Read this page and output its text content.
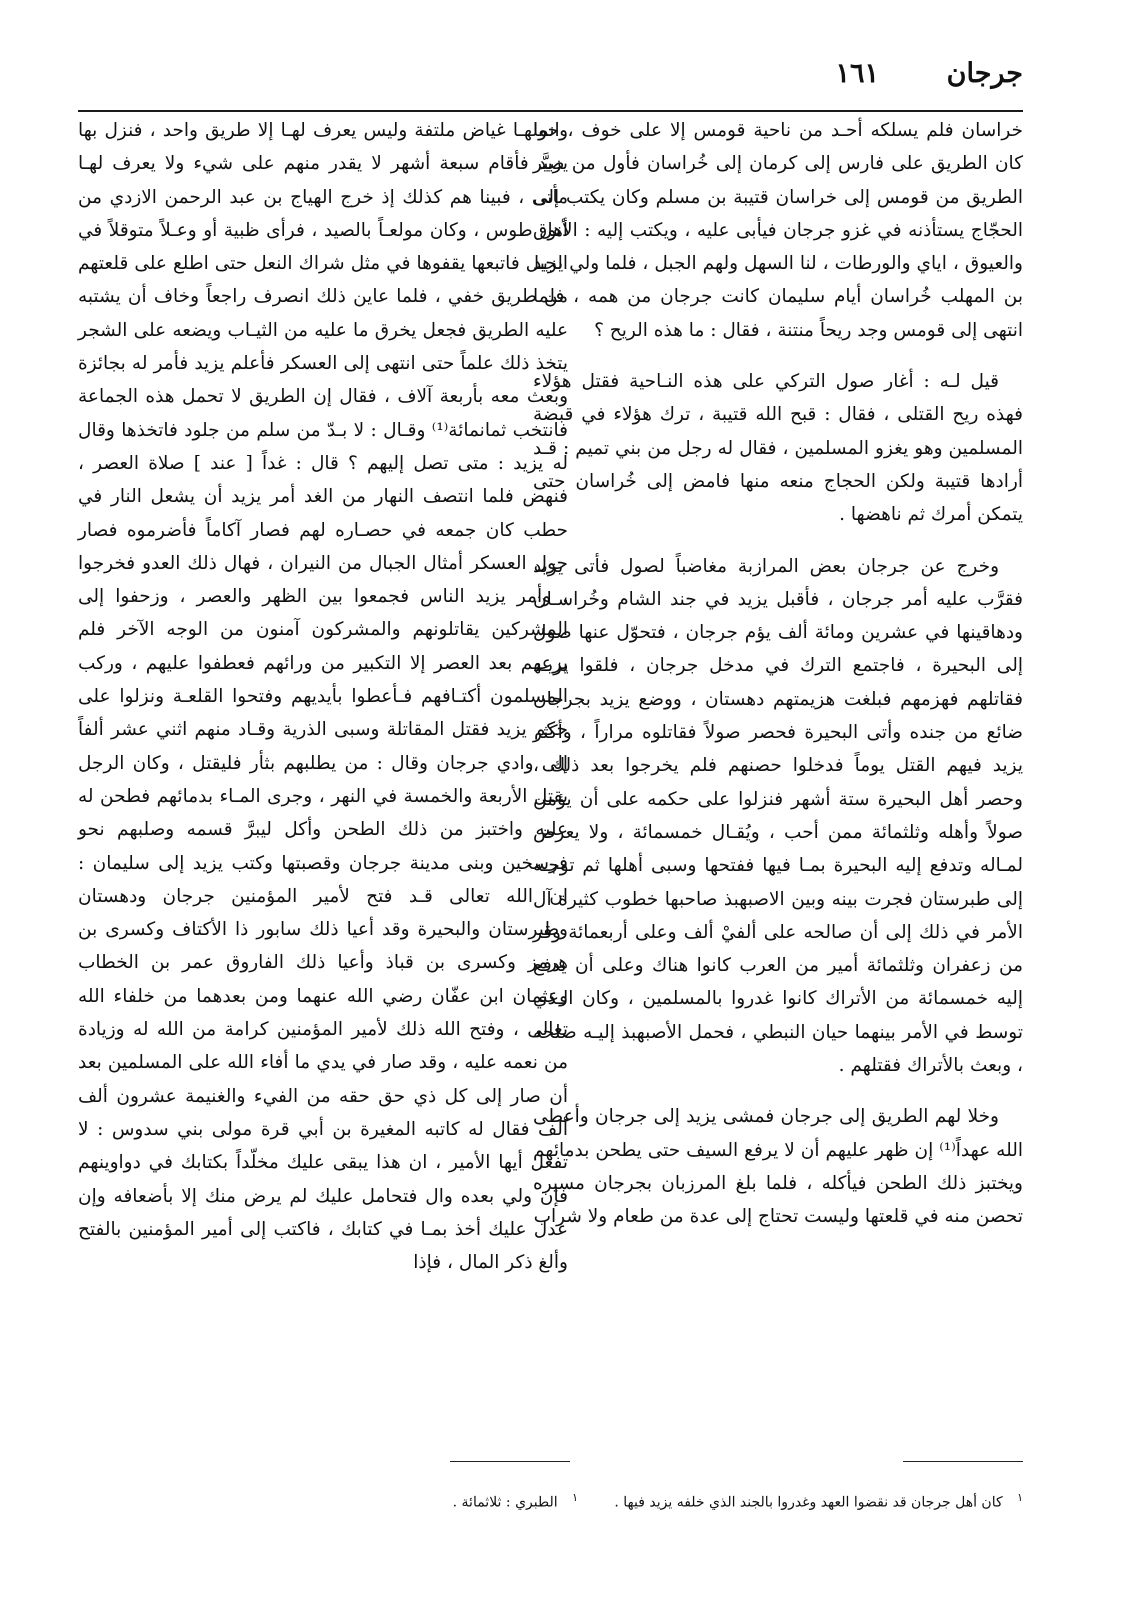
جرجان
١٦١

خراسان فلم يسلكه أحـد من ناحية قومس إلا على خوف ، انما كان الطريق على فارس إلى كرمان إلى خُراسان فأول من صيَّر الطريق من قومس إلى خراسان قتيبة بن مسلم وكان يكتب إلى الحجّاج يستأذنه في غزو جرجان فيأبى عليه ، ويكتب إليه : الأنوق والعيوق ، اياي والورطات ، لنا السهل ولهم الجبل ، فلما ولي يزيد بن المهلب خُراسان أيام سليمان كانت جرجان من همه ، فلما انتهى إلى قومس وجد ريحاً منتنة ، فقال : ما هذه الريح ؟

قيل لـه : أغار صول التركي على هذه النـاحية فقتل هؤلاء فهذه ريح القتلى ، فقال : قبح الله قتيبة ، ترك هؤلاء في قبضة المسلمين وهو يغزو المسلمين ، فقال له رجل من بني تميم : قـد أرادها قتيبة ولكن الحجاج منعه منها فامض إلى خُراسان حتى يتمكن أمرك ثم ناهضها .

وخرج عن جرجان بعض المرازبة مغاضباً لصول فأتى يزيد فقرَّب عليه أمر جرجان ، فأقبل يزيد في جند الشام وخُراسـان ودهاقينها في عشرين ومائة ألف يؤم جرجان ، فتحوّل عنها صول إلى البحيرة ، فاجتمع الترك في مدخل جرجان ، فلقوا يزيـد فقاتلهم فهزمهم فبلغت هزيمتهم دهستان ، ووضع يزيد بجرجان ضائع من جنده وأتى البحيرة فحصر صولاً فقاتلوه مراراً ، وأكثر يزيد فيهم القتل يوماً فدخلوا حصنهم فلم يخرجوا بعد ذلك ، وحصر أهل البحيرة ستة أشهر فنزلوا على حكمه على أن يؤمن صولاً وأهله وثلثمائة ممن أحب ، ويُقـال خمسمائة ، ولا يعرض لمـاله وتدفع إليه البحيرة بمـا فيها ففتحها وسبى أهلها ثم توجـه إلى طبرستان فجرت بينه وبين الاصبهبذ صاحبها خطوب كثيرة آل الأمر في ذلك إلى أن صالحه على ألفيْ ألف وعلى أربعمائة وقر من زعفران وثلثمائة أمير من العرب كانوا هناك وعلى أن يدفع إليه خمسمائة من الأتراك كانوا غدروا بالمسلمين ، وكان الـذي توسط في الأمر بينهما حيان النبطي ، فحمل الأصبهبذ إليـه صلحه ، وبعث بالأتراك فقتلهم .

وخلا لهم الطريق إلى جرجان فمشى يزيد إلى جرجان وأعطى الله عهداً⁽¹⁾ إن ظهر عليهم أن لا يرفع السيف حتى يطحن بدمائهم ويختبز ذلك الطحن فيأكله ، فلما بلغ المرزبان بجرجان مسيره تحصن منه في قلعتها وليست تحتاج إلى عدة من طعام ولا شراب

وحولهـا غياض ملتفة وليس يعرف لهـا إلا طريق واحد ، فنزل بها يزيد فأقام سبعة أشهر لا يقدر منهم على شيء ولا يعرف لهـا مأتى ، فبينا هم كذلك إذ خرج الهياج بن عبد الرحمن الازدي من أهل طوس ، وكان مولعـاً بالصيد ، فرأى ظبية أو وعـلاً متوقلاً في الجبل فاتبعها يقفوها في مثل شراك النعل حتى اطلع على قلعتهم من طريق خفي ، فلما عاين ذلك انصرف راجعاً وخاف أن يشتبه عليه الطريق فجعل يخرق ما عليه من الثيـاب ويضعه على الشجر يتخذ ذلك علماً حتى انتهى إلى العسكر فأعلم يزيد فأمر له بجائزة وبعث معه بأربعة آلاف ، فقال إن الطريق لا تحمل هذه الجماعة فانتخب ثمانمائة⁽¹⁾ وقـال : لا بـدّ من سلم من جلود فاتخذها وقال له يزيد : متى تصل إليهم ؟ قال : غداً [ عند ] صلاة العصر ، فنهض فلما انتصف النهار من الغد أمر يزيد أن يشعل النار في حطب كان جمعه في حصـاره لهم فصار آكاماً فأضرموه فصار حول العسكر أمثال الجبال من النيران ، فهال ذلك العدو فخرجوا ، وأمر يزيد الناس فجمعوا بين الظهر والعصر ، وزحفوا إلى المشركين يقاتلونهم والمشركون آمنون من الوجه الآخر فلم يرعهم بعد العصر إلا التكبير من ورائهم فعطفوا عليهم ، وركب المسلمون أكتـافهم فـأعطوا بأيديهم وفتحوا القلعـة ونزلوا على حكم يزيد فقتل المقاتلة وسبى الذرية وقـاد منهم اثني عشر ألفاً إلى وادي جرجان وقال : من يطلبهم بثأر فليقتل ، وكان الرجل يقتل الأربعة والخمسة في النهر ، وجرى المـاء بدمائهم فطحن له عليه واختبز من ذلك الطحن وأكل ليبرَّ قسمه وصلبهم نحو فرسخين وبنى مدينة جرجان وقصبتها وكتب يزيد إلى سليمان : ان الله تعالى قـد فتح لأمير المؤمنين جرجان ودهستان وطبرستان والبحيرة وقد أعيا ذلك سابور ذا الأكتاف وكسرى بن هرمز وكسرى بن قباذ وأعيا ذلك الفاروق عمر بن الخطاب وعثمان ابن عفّان رضي الله عنهما ومن بعدهما من خلفاء الله تعالى ، وفتح الله ذلك لأمير المؤمنين كرامة من الله له وزيادة من نعمه عليه ، وقد صار في يدي ما أفاء الله على المسلمين بعد أن صار إلى كل ذي حق حقه من الفيء والغنيمة عشرون ألف ألف فقال له كاتبه المغيرة بن أبي قرة مولى بني سدوس : لا تفعل أيها الأمير ، ان هذا يبقى عليك مخلّداً بكتابك في دواوينهم فإن ولي بعده وال فتحامل عليك لم يرض منك إلا بأضعافه وإن عدل عليك أخذ بمـا في كتابك ، فاكتب إلى أمير المؤمنين بالفتح وألغ ذكر المال ، فإذا

$^١$ كان أهل جرجان قد نقضوا العهد وغدروا بالجند الذي خلفه يزيد فيها .
$^١$ الطبري : ثلاثمائة .
